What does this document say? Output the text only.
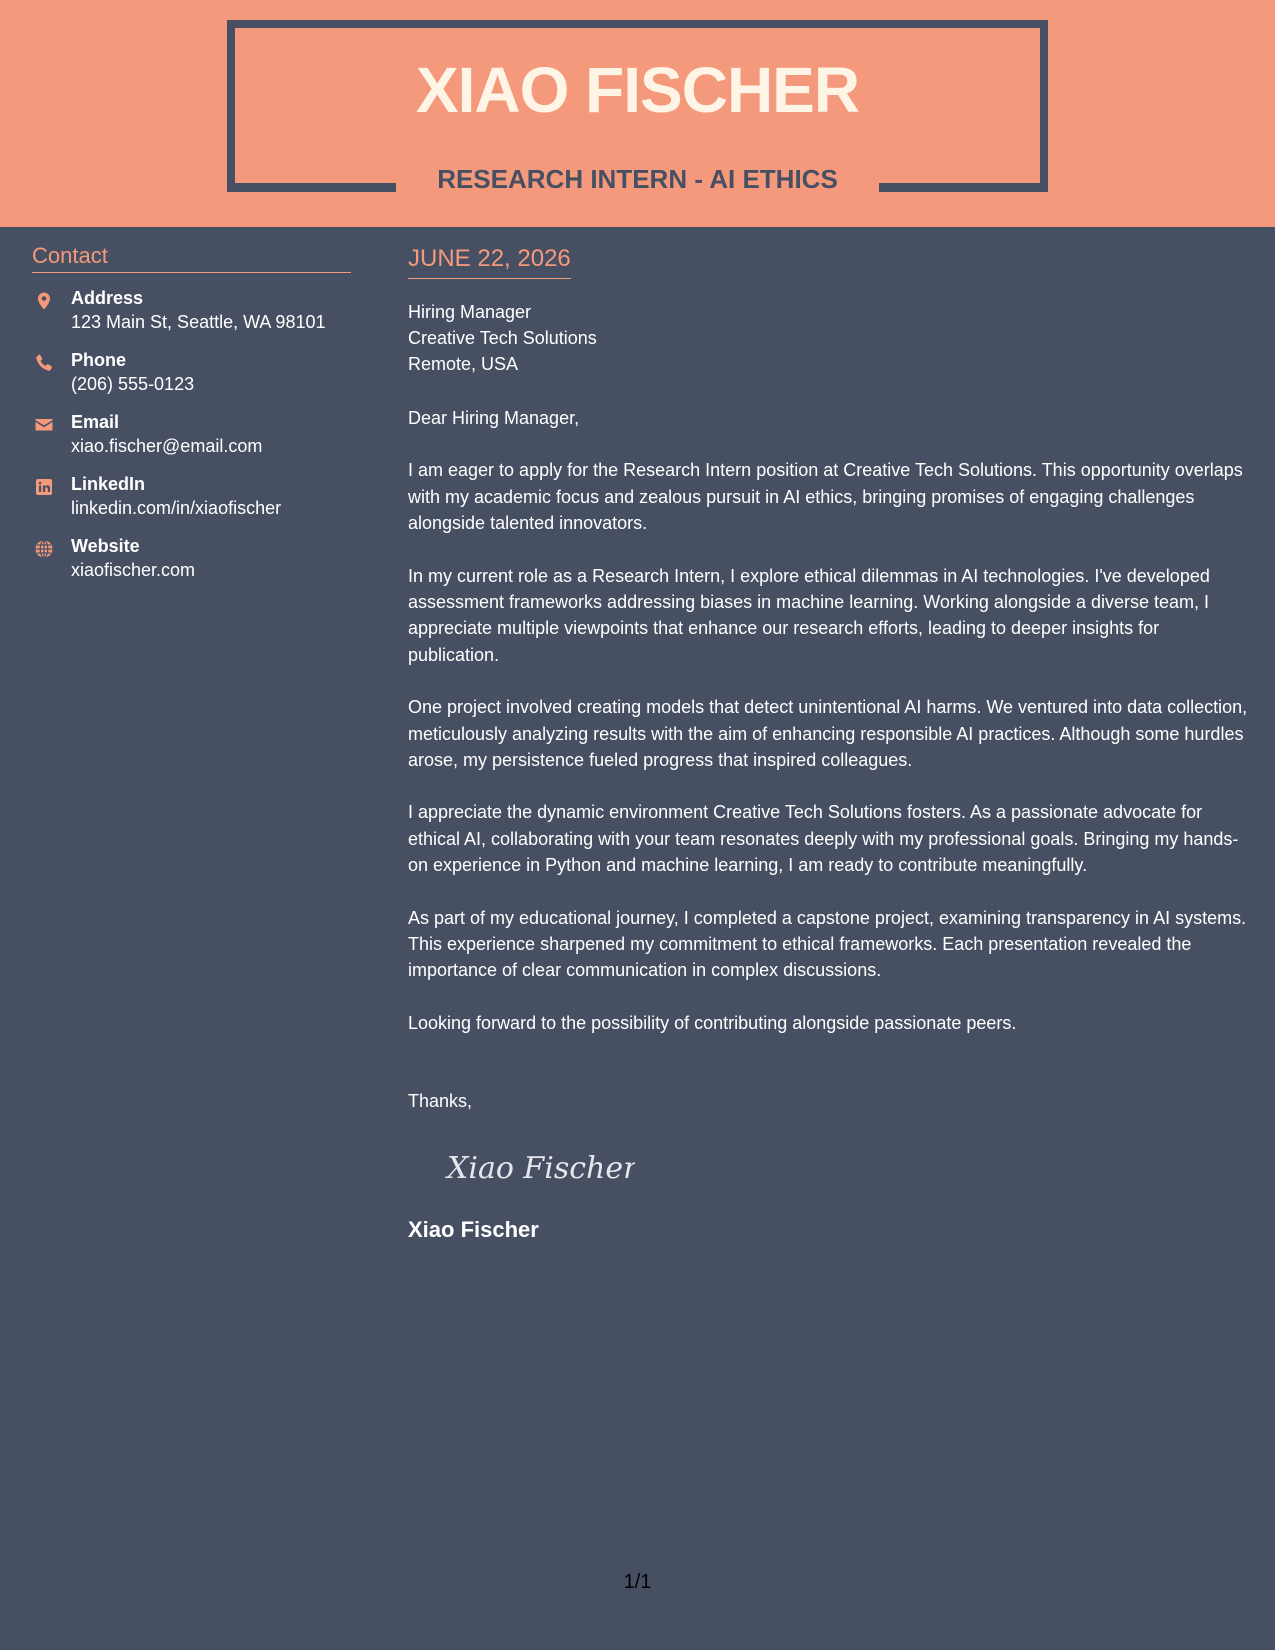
XIAO FISCHER
RESEARCH INTERN - AI ETHICS
Contact
Address
123 Main St, Seattle, WA 98101
Phone
(206) 555-0123
Email
xiao.fischer@email.com
LinkedIn
linkedin.com/in/xiaofischer
Website
xiaofischer.com
JUNE 22, 2026
Hiring Manager
Creative Tech Solutions
Remote, USA
Dear Hiring Manager,

I am eager to apply for the Research Intern position at Creative Tech Solutions. This opportunity overlaps with my academic focus and zealous pursuit in AI ethics, bringing promises of engaging challenges alongside talented innovators.

In my current role as a Research Intern, I explore ethical dilemmas in AI technologies. I've developed assessment frameworks addressing biases in machine learning. Working alongside a diverse team, I appreciate multiple viewpoints that enhance our research efforts, leading to deeper insights for publication.

One project involved creating models that detect unintentional AI harms. We ventured into data collection, meticulously analyzing results with the aim of enhancing responsible AI practices. Although some hurdles arose, my persistence fueled progress that inspired colleagues.

I appreciate the dynamic environment Creative Tech Solutions fosters. As a passionate advocate for ethical AI, collaborating with your team resonates deeply with my professional goals. Bringing my hands-on experience in Python and machine learning, I am ready to contribute meaningfully.

As part of my educational journey, I completed a capstone project, examining transparency in AI systems. This experience sharpened my commitment to ethical frameworks. Each presentation revealed the importance of clear communication in complex discussions.

Looking forward to the possibility of contributing alongside passionate peers.

Thanks,
Xiao Fischer
Xiao Fischer
1/1
